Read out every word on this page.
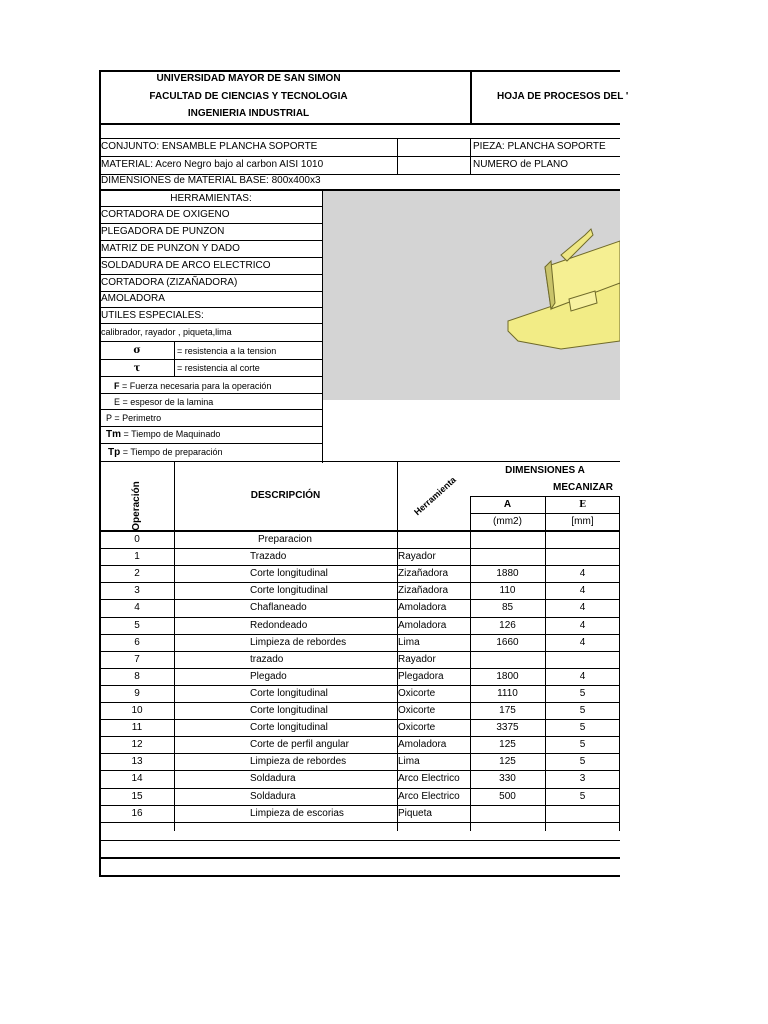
UNIVERSIDAD MAYOR DE SAN SIMON
FACULTAD DE CIENCIAS Y TECNOLOGIA
INGENIERIA INDUSTRIAL
HOJA DE PROCESOS DEL '
CONJUNTO: ENSAMBLE PLANCHA SOPORTE	PIEZA: PLANCHA SOPORTE
MATERIAL: Acero Negro bajo al carbon AISI 1010	NUMERO de PLANO
DIMENSIONES de MATERIAL BASE: 800x400x3
HERRAMIENTAS:
CORTADORA DE OXIGENO
PLEGADORA DE PUNZON
MATRIZ DE PUNZON Y DADO
SOLDADURA DE ARCO ELECTRICO
CORTADORA (ZIZAÑADORA)
AMOLADORA
UTILES ESPECIALES:
calibrador, rayador , piqueta,lima
σ	= resistencia a la tension
τ	= resistencia al corte
F = Fuerza necesaria para la operación
E = espesor de la lamina
P = Perimetro
Tm = Tiempo de Maquinado
Tp = Tiempo de preparación
DIMENSIONES A
MECANIZAR
A	E
(mm2)	[mm]
Operación	DESCRIPCIÓN	Herramienta
0	Preparacion
1	Trazado	Rayador
2	Corte longitudinal	Zizañadora	1880	4
3	Corte longitudinal	Zizañadora	110	4
4	Chaflaneado	Amoladora	85	4
5	Redondeado	Amoladora	126	4
6	Limpieza de rebordes	Lima	1660	4
7	trazado	Rayador
8	Plegado	Plegadora	1800	4
9	Corte longitudinal	Oxicorte	1110	5
10	Corte longitudinal	Oxicorte	175	5
11	Corte longitudinal	Oxicorte	3375	5
12	Corte de perfil angular	Amoladora	125	5
13	Limpieza de rebordes	Lima	125	5
14	Soldadura	Arco Electrico	330	3
15	Soldadura	Arco Electrico	500	5
16	Limpieza de escorias	Piqueta
